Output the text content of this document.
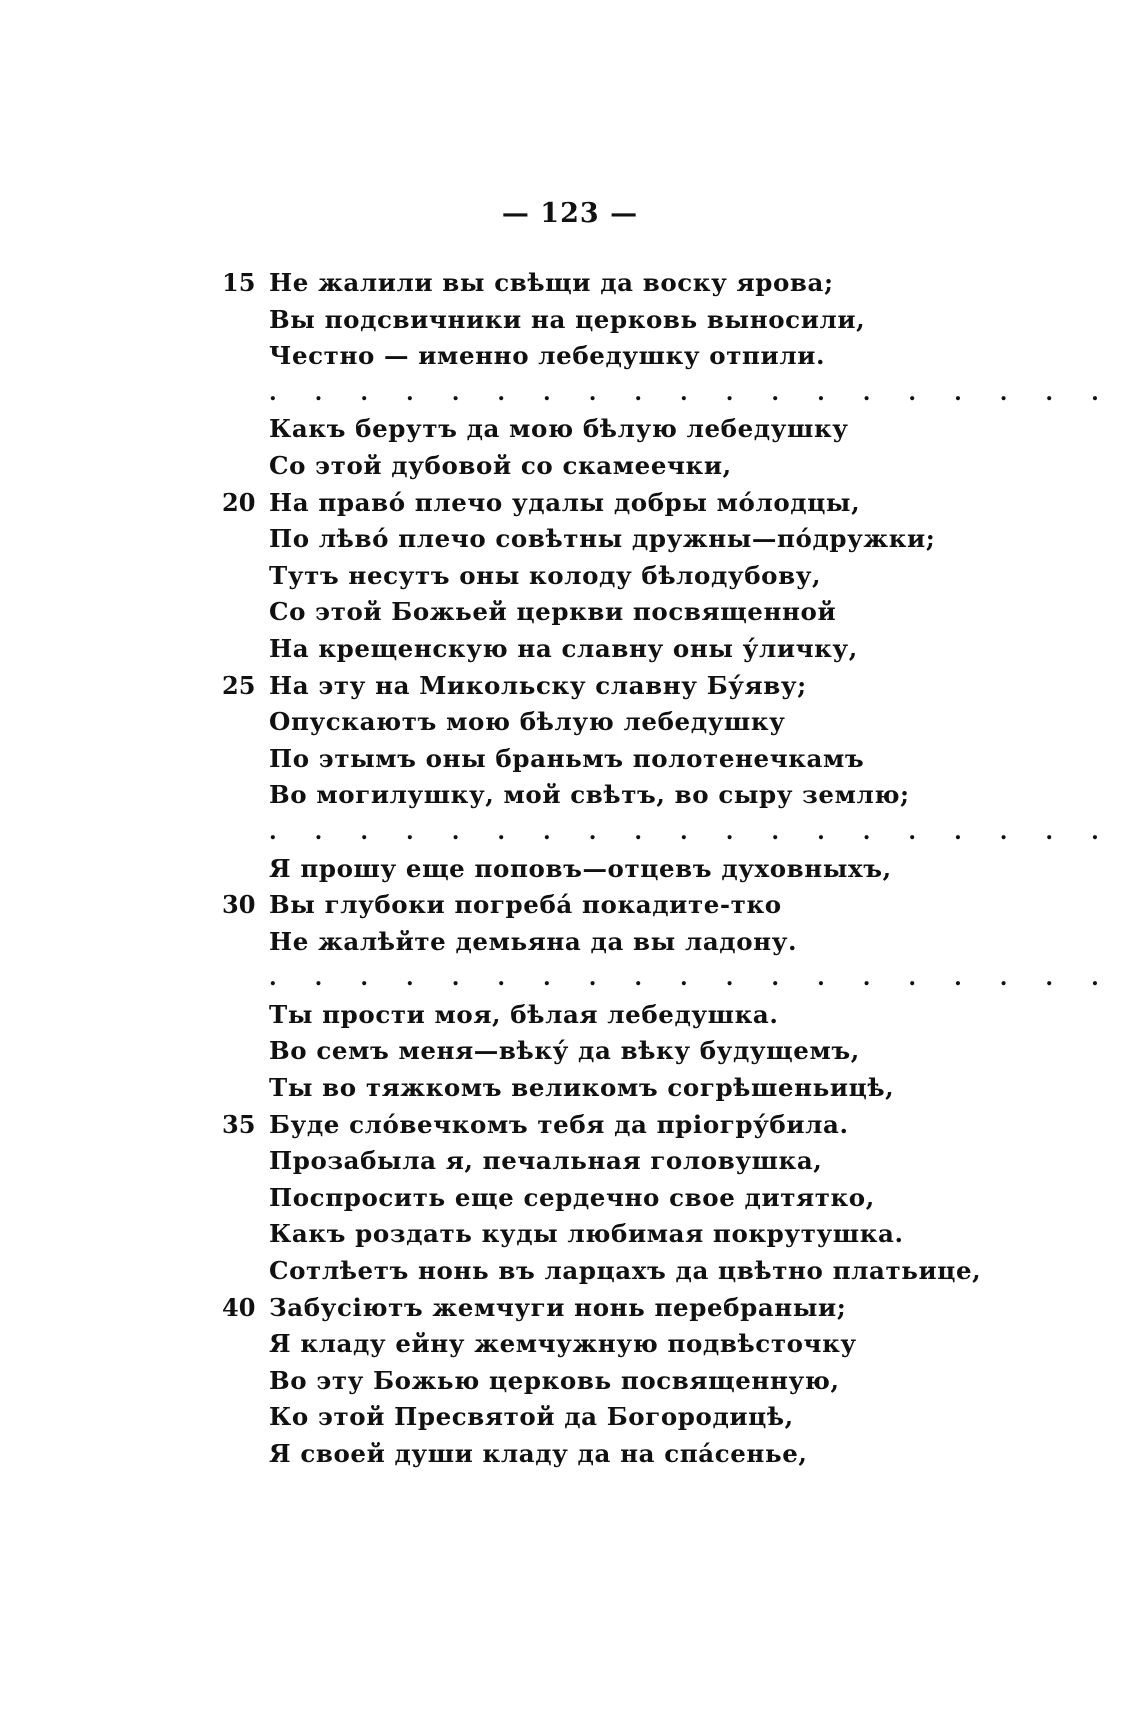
— 123 —
15 Не жалили вы свѣщи да воску ярова;
Вы подсвичники на церковь выносили,
Честно — именно лебедушку отпили.
. . . . . . . . . . . . . . . . . . .
Какъ берутъ да мою бѣлую лебедушку
Со этой дубовой со скамеечки,
20 На право́ плечо удалы добры мо́лодцы,
По лѣво́ плечо совѣтны дружны—по́дружки;
Тутъ несутъ оны колоду бѣлодубову,
Со этой Божьей церкви посвященной
На крещенскую на славну оны у́личку,
25 На эту на Микольску славну Бу́яву;
Опускаютъ мою бѣлую лебедушку
По этымъ оны браньмъ полотенечкамъ
Во могилушку, мой свѣтъ, во сыру землю;
. . . . . . . . . . . . . . . . . . .
Я прошу еще поповъ—отцевъ духовныхъ,
30 Вы глубоки погреба́ покадите-тко
Не жалѣйте демьяна да вы ладону.
. . . . . . . . . . . . . . . . . . .
Ты прости моя, бѣлая лебедушка.
Во семъ меня—вѣку́ да вѣку будущемъ,
Ты во тяжкомъ великомъ согрѣшеньицѣ,
35 Буде сло́вечкомъ тебя да прiогру́била.
Прозабыла я, печальная головушка,
Поспросить еще сердечно свое дитятко,
Какъ роздать куды любимая покрутушка.
Сотлѣетъ нонь въ ларцахъ да цвѣтно платьице,
40 Забусiютъ жемчуги нонь перебраныи;
Я кладу ейну жемчужную подвѣсточку
Во эту Божью церковь посвященную,
Ко этой Пресвятой да Богородицѣ,
Я своей души кладу да на спа́сенье,
